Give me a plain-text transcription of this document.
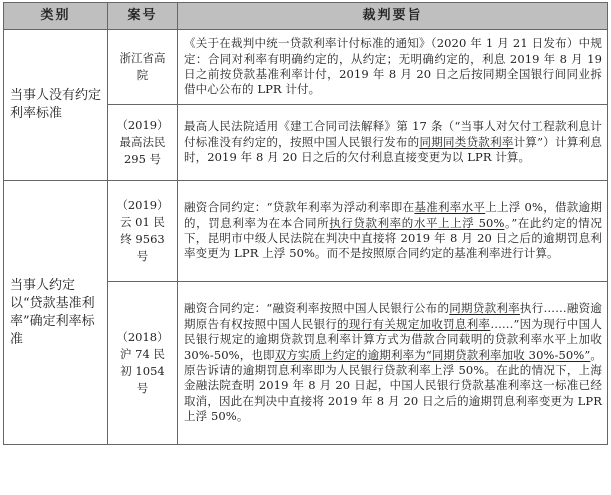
类别	案号	裁判要旨
当事人没有约定利率标准	浙江省高院	《关于在裁判中统一贷款利率计付标准的通知》（2020 年 1 月 21 日发布）中规定：合同对利率有明确约定的，从约定；无明确约定的，利息 2019 年 8 月 19 日之前按贷款基准利率计付，2019 年 8 月 20 日之后按同期全国银行间同业拆借中心公布的 LPR 计付。
	（2019）最高法民 295 号	最高人民法院适用《建工合同司法解释》第 17 条（“当事人对欠付工程款利息计付标准没有约定的，按照中国人民银行发布的同期同类贷款利率计算”）计算利息时，2019 年 8 月 20 日之后的欠付利息直接变更为以 LPR 计算。
当事人约定以“贷款基准利率”确定利率标准	（2019）云 01 民终 9563 号	融资合同约定：“贷款年利率为浮动利率即在基准利率水平上上浮 0%，借款逾期的，罚息利率为在本合同所执行贷款利率的水平上上浮 50%。”在此约定的情况下，昆明市中级人民法院在判决中直接将 2019 年 8 月 20 日之后的逾期罚息利率变更为 LPR 上浮 50%。而不是按照原合同约定的基准利率进行计算。
	（2018）沪 74 民初 1054 号	融资合同约定：“融资利率按照中国人民银行公布的同期贷款利率执行……融资逾期原告有权按照中国人民银行的现行有关规定加收罚息利率……”因为现行中国人民银行规定的逾期贷款罚息利率计算方式为借款合同载明的贷款利率水平上加收 30%-50%，也即双方实质上约定的逾期利率为“同期贷款利率加收 30%-50%”。原告诉请的逾期罚息利率即为人民银行贷款利率上浮 50%。在此的情况下，上海金融法院查明 2019 年 8 月 20 日起，中国人民银行贷款基准利率这一标准已经取消，因此在判决中直接将 2019 年 8 月 20 日之后的逾期罚息利率变更为 LPR 上浮 50%。
